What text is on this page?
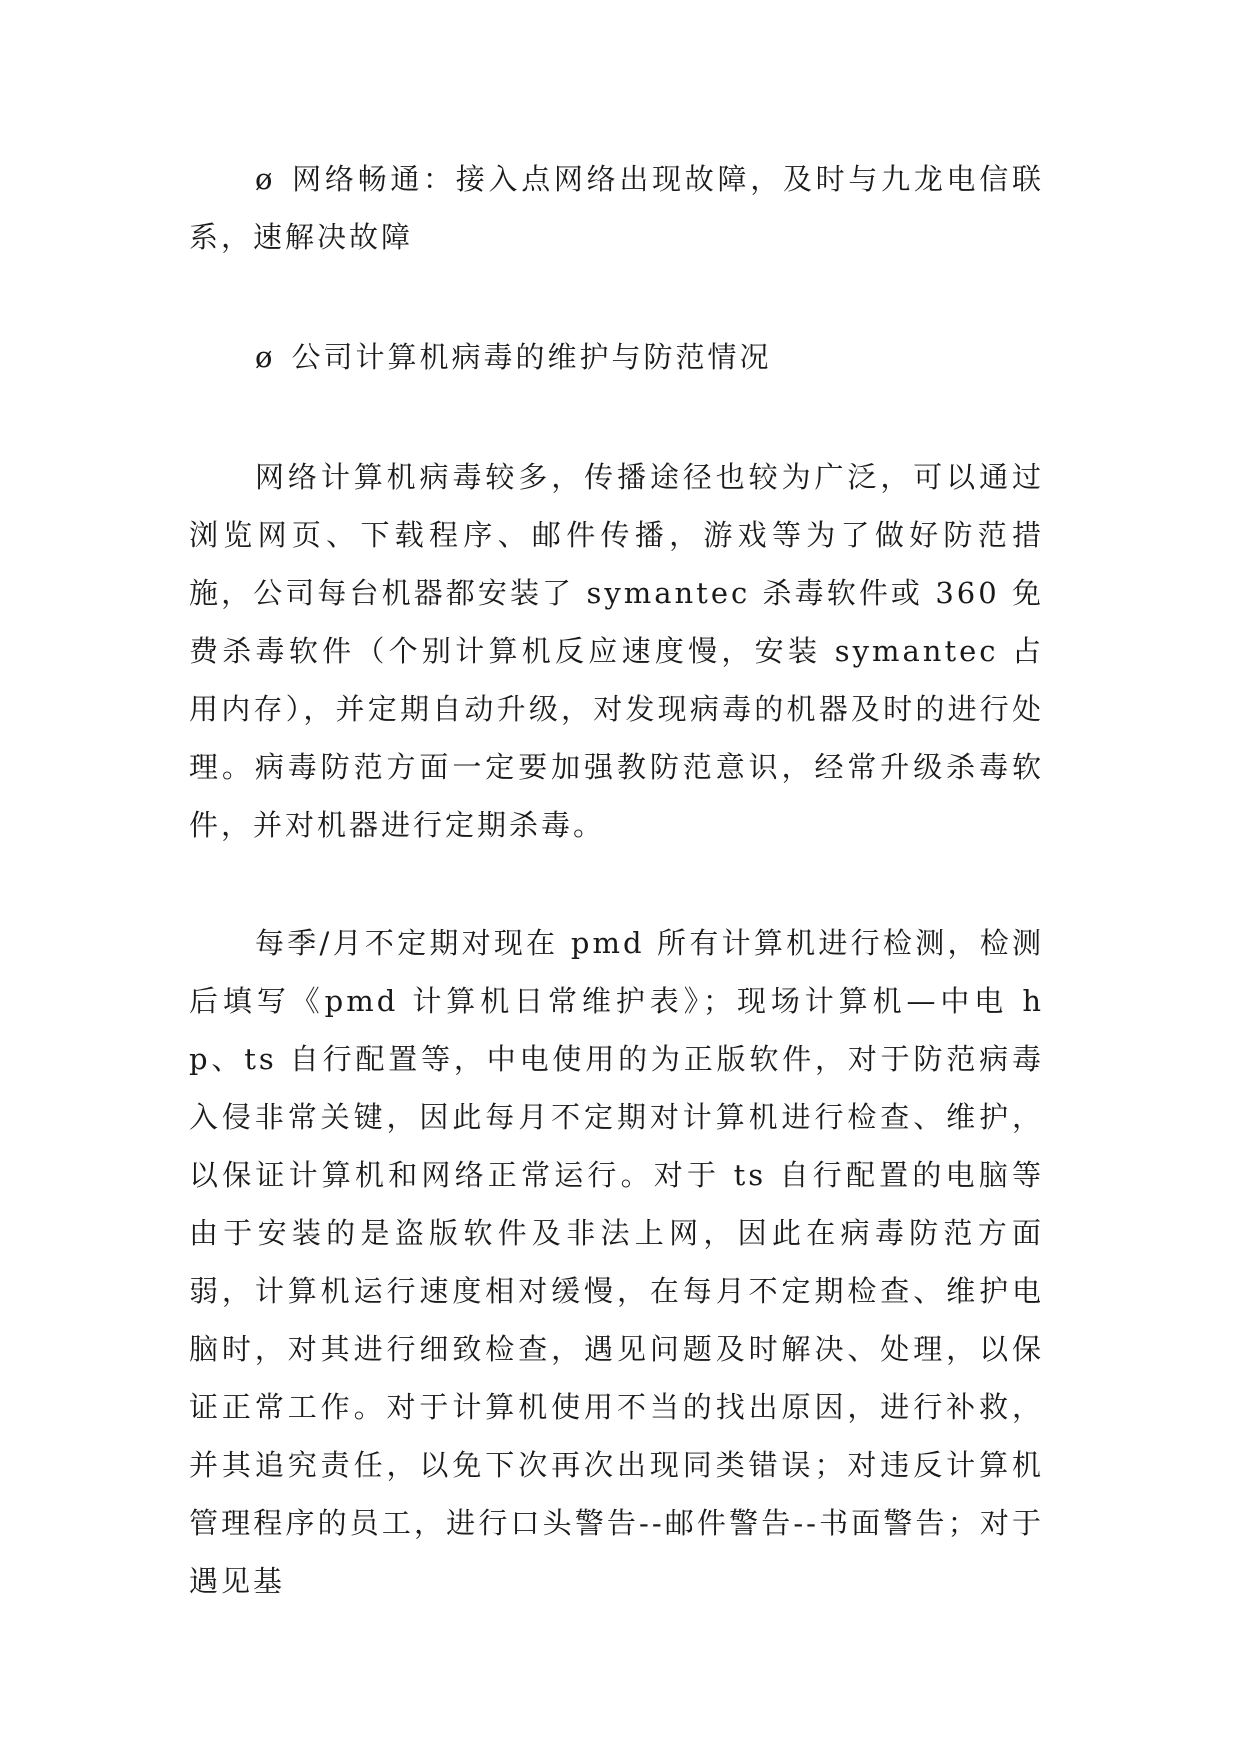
ø 网络畅通：接入点网络出现故障，及时与九龙电信联系，速解决故障

ø 公司计算机病毒的维护与防范情况

网络计算机病毒较多，传播途径也较为广泛，可以通过浏览网页、下载程序、邮件传播，游戏等为了做好防范措施，公司每台机器都安装了 symantec 杀毒软件或 360 免费杀毒软件（个别计算机反应速度慢，安装 symantec 占用内存），并定期自动升级，对发现病毒的机器及时的进行处理。病毒防范方面一定要加强教防范意识，经常升级杀毒软件，并对机器进行定期杀毒。

每季/月不定期对现在 pmd 所有计算机进行检测，检测后填写《pmd 计算机日常维护表》；现场计算机—中电 hp、ts 自行配置等，中电使用的为正版软件，对于防范病毒入侵非常关键，因此每月不定期对计算机进行检查、维护，以保证计算机和网络正常运行。对于 ts 自行配置的电脑等由于安装的是盗版软件及非法上网，因此在病毒防范方面弱，计算机运行速度相对缓慢，在每月不定期检查、维护电脑时，对其进行细致检查，遇见问题及时解决、处理，以保证正常工作。对于计算机使用不当的找出原因，进行补救，并其追究责任，以免下次再次出现同类错误；对违反计算机管理程序的员工，进行口头警告--邮件警告--书面警告；对于遇见基
